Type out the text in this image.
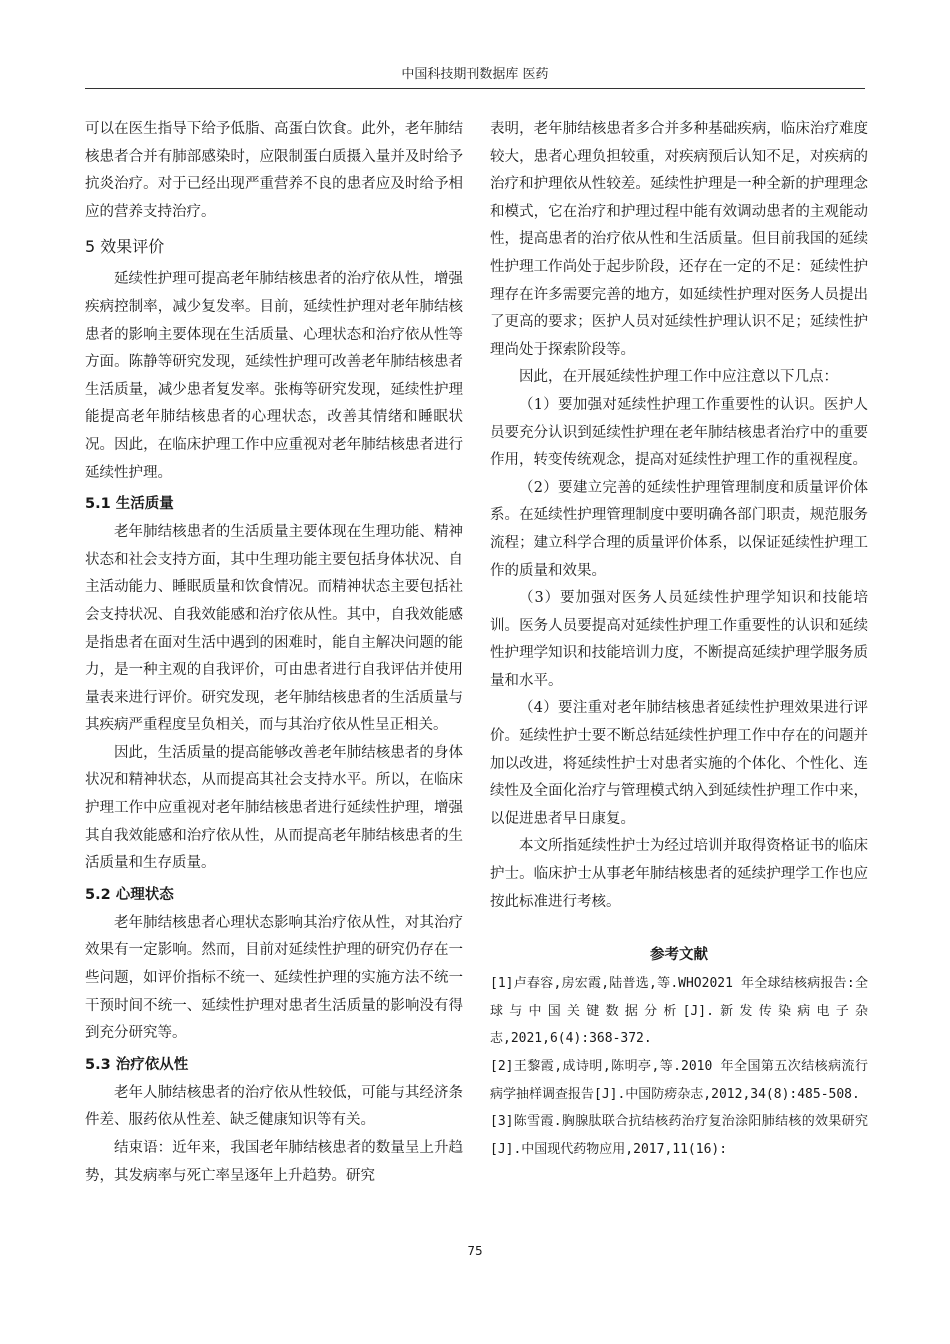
中国科技期刊数据库 医药

可以在医生指导下给予低脂、高蛋白饮食。此外，老年肺结核患者合并有肺部感染时，应限制蛋白质摄入量并及时给予抗炎治疗。对于已经出现严重营养不良的患者应及时给予相应的营养支持治疗。

5 效果评价

延续性护理可提高老年肺结核患者的治疗依从性，增强疾病控制率，减少复发率。目前，延续性护理对老年肺结核患者的影响主要体现在生活质量、心理状态和治疗依从性等方面。陈静等研究发现，延续性护理可改善老年肺结核患者生活质量，减少患者复发率。张梅等研究发现，延续性护理能提高老年肺结核患者的心理状态，改善其情绪和睡眠状况。因此，在临床护理工作中应重视对老年肺结核患者进行延续性护理。

5.1 生活质量

老年肺结核患者的生活质量主要体现在生理功能、精神状态和社会支持方面，其中生理功能主要包括身体状况、自主活动能力、睡眠质量和饮食情况。而精神状态主要包括社会支持状况、自我效能感和治疗依从性。其中，自我效能感是指患者在面对生活中遇到的困难时，能自主解决问题的能力，是一种主观的自我评价，可由患者进行自我评估并使用量表来进行评价。研究发现，老年肺结核患者的生活质量与其疾病严重程度呈负相关，而与其治疗依从性呈正相关。

因此，生活质量的提高能够改善老年肺结核患者的身体状况和精神状态，从而提高其社会支持水平。所以，在临床护理工作中应重视对老年肺结核患者进行延续性护理，增强其自我效能感和治疗依从性，从而提高老年肺结核患者的生活质量和生存质量。

5.2 心理状态

老年肺结核患者心理状态影响其治疗依从性，对其治疗效果有一定影响。然而，目前对延续性护理的研究仍存在一些问题，如评价指标不统一、延续性护理的实施方法不统一干预时间不统一、延续性护理对患者生活质量的影响没有得到充分研究等。

5.3 治疗依从性

老年人肺结核患者的治疗依从性较低，可能与其经济条件差、服药依从性差、缺乏健康知识等有关。

结束语：近年来，我国老年肺结核患者的数量呈上升趋势，其发病率与死亡率呈逐年上升趋势。研究

表明，老年肺结核患者多合并多种基础疾病，临床治疗难度较大，患者心理负担较重，对疾病预后认知不足，对疾病的治疗和护理依从性较差。延续性护理是一种全新的护理理念和模式，它在治疗和护理过程中能有效调动患者的主观能动性，提高患者的治疗依从性和生活质量。但目前我国的延续性护理工作尚处于起步阶段，还存在一定的不足：延续性护理存在许多需要完善的地方，如延续性护理对医务人员提出了更高的要求；医护人员对延续性护理认识不足；延续性护理尚处于探索阶段等。

因此，在开展延续性护理工作中应注意以下几点：

（1）要加强对延续性护理工作重要性的认识。医护人员要充分认识到延续性护理在老年肺结核患者治疗中的重要作用，转变传统观念，提高对延续性护理工作的重视程度。

（2）要建立完善的延续性护理管理制度和质量评价体系。在延续性护理管理制度中要明确各部门职责，规范服务流程；建立科学合理的质量评价体系，以保证延续性护理工作的质量和效果。

（3）要加强对医务人员延续性护理学知识和技能培训。医务人员要提高对延续性护理工作重要性的认识和延续性护理学知识和技能培训力度，不断提高延续护理学服务质量和水平。

（4）要注重对老年肺结核患者延续性护理效果进行评价。延续性护士要不断总结延续性护理工作中存在的问题并加以改进，将延续性护士对患者实施的个体化、个性化、连续性及全面化治疗与管理模式纳入到延续性护理工作中来，以促进患者早日康复。

本文所指延续性护士为经过培训并取得资格证书的临床护士。临床护士从事老年肺结核患者的延续护理学工作也应按此标准进行考核。

参考文献

[1]卢春容,房宏霞,陆普选,等.WHO2021 年全球结核病报告:全球与中国关键数据分析[J].新发传染病电子杂志,2021,6(4):368-372.

[2]王黎霞,成诗明,陈明亭,等.2010 年全国第五次结核病流行病学抽样调查报告[J].中国防痨杂志,2012,34(8):485-508.

[3]陈雪霞.胸腺肽联合抗结核药治疗复治涂阳肺结核的效果研究[J].中国现代药物应用,2017,11(16):

75
